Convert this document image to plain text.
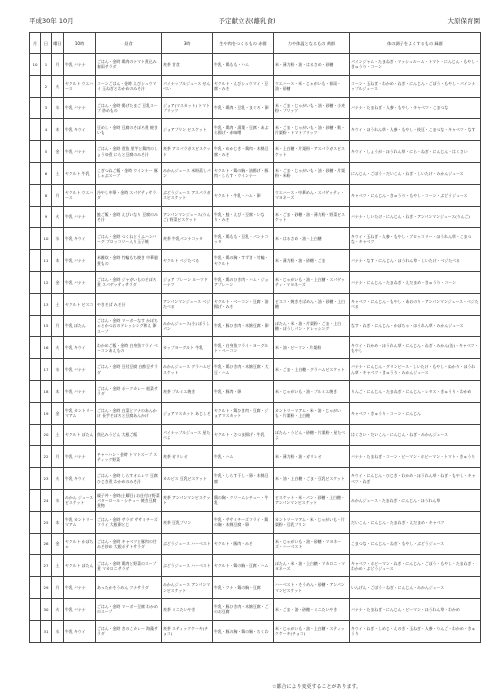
平成30年 10月	予定献立表(離乳食)	大原保育園
月	日	曜日	10時	昼食	3時	生や肉をつくるもの 赤群	力や体温となるもの 黄群	体の調子をよくするもの 緑群
10	1	月	牛乳 バナナ	ごはん・金時 鶏肉のトマト煮込み 春雨サラダ	麦茶 甘食	牛乳・鶏もも・ハム	米・薄力粉・油・はるさめ・砂糖	パインジャム・たまねぎ・マッシュルーム・トマト・にんじん・もやし・きゅうり・コーン
	2	火	ヤクルト ウエハース	コーンごはん・金時 えびシュウマイ 玉ねぎとわかめのみそ汁	パイナップルジュース せんべい	ヤクルト・えびシュウマイ・豆腐・みそ	ウエハース・米・じゃがいも・春雨・油・砂糖	コーン・玉ねぎ・わかめ・ねぎ・にんじん・ごぼう・もやし・パインナップルジュース
	3	水	牛乳 バナナ	ごはん・金時 揚げたまご 豆乳スープ 炒めもの	ジョア(マスカット) トマトプリッツ	牛乳・鶏肉・豆乳・まぐろ・卵	米・ごま・じゃがいも・油・砂糖・小麦粉・プリッツ	バナナ・たまねぎ・人参・もやし・キャベツ・こまつな
	4	木	牛乳 キウイ	豆めし・金時 豆腐のそぼろ煮 焼きいも	ジョアプリン ビスケット	牛乳・鶏肉・湯葉・豆腐・あぶら揚げ・赤味噌	米・ごま・じゃがいも・油・砂糖・麩・片栗粉・トマトプリッツ	キウイ・ほうれん草・人参・もやし・枝豆・こまつな・キャベツ・なす
	5	金	牛乳 バナナ	ごはん・金時 煮魚 里芋と鶏肉のしょうゆ煮 にらと豆腐のみそ汁	麦茶 アスパラガスビスケット	牛乳・めかじき・鶏肉・木綿豆腐・みそ	米・上白糖・片栗粉・アスパラガスビスケット	キウイ・しょうが・ほうれん草・にら・ねぎ・にんじん・はくさい
	6	土	ヤクルト 牛乳	こぎつねご飯・金時 ウインナー 豚しゃぶスープ	みかんジュース 米粉蒸しパン	ヤクルト・鶏の胸・油揚げ・豚肉・しらす・ウインナー	米・ごま・じゃがいも・油・砂糖・片栗粉・米粉	にんじん・ごぼう・だいこん・ねぎ・しいたけ・みかんジュース
	8	月	ヤクルト ウエハース	冷やし中華・金時 スパゲティサラダ	ぶどうジュース アスパラガスビスケット	ヤクルト・牛乳・ハム・卵	ウエハース・中華めん・スパゲッティ・マヨネーズ	キャベツ・にんじん・きゅうり・もやし・コーン・ぶどうジュース
	9	火	牛乳 バナナ	鮭ご飯・金時 えびいなり 豆腐のみそ汁	アンパンマンジュース(りんご) 野菜ビスケット	牛乳・鮭・えび・豆腐・いなり・みそ	米・ごま・砂糖・油・薄力粉・野菜ビスケット	バナナ・しいたけ・にんじん・ねぎ・アンパンマンジュース(りんご)
	10	水	牛乳 キウイ	ごはん・金時 つくねとうふハンバーグ ブロッコリー入り玉子焼	麦茶 牛乳パンナコッタ	牛乳・鶏もも・豆乳・パンナコッタ	米・はるさめ・油・上白糖	キウイ・玉ねぎ・人参・もやし・ブロッコリー・ほうれん草・こまつな・キャベツ
	11	木	牛乳 バナナ	米雑炊・金時 竹輪もち焼き 中華風煮もの	ヤクルト ベジたべる	牛乳・鶏の胸・すずき・竹輪・ヤクルト	米・薄力粉・油・砂糖・ごま	バナナ・なす・にんじん・ほうれん草・しいたけ・ベジたべる
	12	金	牛乳 バナナ	ごはん・金時 ジャガいものそぼろ煮 スパゲッティサラダ	ジョア プレーン ルーツドーナツ	牛乳・鶏のひき肉・ハム・ジョアプレーン	米・じゃがいも・油・上白糖・スパゲッティ・マヨネーズ	バナナ・にんじん・たまねぎ・えだまめ・きゅうり・コーン
	13	土	ヤクルト ビスコ	やきそば みそ汁	アンパンマンジュース ベジたべる	ヤクルト・ベーコン・豆腐・油揚げ・みそ	ビスコ・焼きそばめん・油・砂糖・上白糖	キャベツ・にんじん・もやし・あおのり・アンパンマンジュース・ベジたべる
	15	月	牛乳 ぽたん	ごはん・金時 マーボーなす かぼちゃとかつおのドレッシング和え 卵スープ	みかんジュース(小) ぼうしパン	牛乳・豚ひき肉・木綿豆腐・卵	ぽたん・米・油・片栗粉・ごま・上白糖・ぼうしパン・ドレッシング	なす・ねぎ・にんじん・かぼちゃ・ほうれん草・みかんジュース
	16	火	牛乳 キウイ	わかめご飯・金時 白身魚フライ ベーコンあえもの	カップヨーグルト 牛乳	牛乳・白身魚フライ・ヨーグルト・ベーコン	米・油・ビーフン・片栗粉	キウイ・わかめ・ほうれん草・にんじん・ねぎ・みかん(缶)・キャベツ・もやし
	17	水	牛乳 バナナ	ごはん・金時 豆付豆腐 白酢豆サラダ	みかんジュース グラハムビスケット	牛乳・鶏ひき肉・木綿豆腐・大豆・ハム	米・ごま・上白糖・グラハムビスケット	バナナ・にんじん・グリンピース・しいたけ・もやし・ぬかり・ほうれん草・キャベツ・きゅうり・みかんジュース
	18	木	牛乳 バナナ	ごはん・金時 ポークカレー 根菜サラダ	麦茶 プルミエ焼き	牛乳・豚肉・卵	米・じゃがいも・油・プルミエ焼き	りんご・にんじん・たまねぎ・にんじん・レタス・きゅうり・わかめ
	19	金	牛乳 カントリーマアム	ごはん・金時 白菜とツナのあんかけ 長芋そぼろと豆腐あんかけ	ジョアマスカット あじしそ	ヤクルト・鶏ひき肉・豆腐・ジョアマスカット	カントリーマアム・米・油・じゃがいも・片栗粉・上白糖	キャベツ・きゅうり・コーン・にんじん
	20	土	ヤクルト ぼたん	焦込みうどん 大根ご飯	パイナップルジュース 星たべよ	ヤクルト・さつま揚げ・牛乳	ぼたん・うどん・砂糖・片栗粉・星たべよ	はくさい・だいこん・にんじん・ねぎ・みかんジュース
	22	月	牛乳 バナナ	チャーハン・金時 トマトスープ スティック野菜	麦茶 ガリレオ	牛乳・ハム	米・薄力粉・油・ガリレオ	バナナ・たまねぎ・コーン・ピーマン・ホピーマン・トマト・きゅうり
	23	火	牛乳 キウイ	ごはん・金時 しらすオムレツ 豆腐ひじき煮 わかめのみそ汁	カルピス 豆乳ビスケット	牛乳・しらす干し・卵・木綿豆腐	米・油・上白糖・ごま・豆乳ビスケット	キウイ・にんじん・ひじき・わかめ・ほうれん草・ねぎ・もやし・キャベツ・ねぎ
	24	水	みかん ジュース ビスケット	親子丼・金時(土曜日) お仕付け野菜 パターロール・シチュー 焼き豆腐煮物	麦茶 アンパンマンビスケット	鶏の胸・クリームシチュー・牛乳	ビスケット・米・パン・砂糖・上白糖・アンパンマンビスケット	みかんジュース・たまねぎ・にんじん・ほうれん草
	25	木	牛乳 カントリーマアム	ごはん・金時 サラダ ササミチーズフライ 大根卵とじ	麦茶 豆乳プリン	牛乳・ササミチーズフライ・鶏の胸・木綿豆腐・卵	カントリーマアム・米・じゃがいも・片栗粉・豆乳プリン	だいこん・にんじん・たまねぎ・えだまめ・キャベツ
	26	金	ヤクルト かぼちゃ	ごはん・金時 キャベツと豚肉の甘みそ炒め 大根ポテトサラダ	ぶどうジュース ハーベスト	ヤクルト・豚肉・みそ	米・じゃがいも・油・砂糖・マヨネーズ・ハーベスト	こまつな・にんじん・ねぎ・もやし・ぶどうジュース
	27	土	ヤクルト ぼたん	ごはん・金時 鶏肉と野菜のスープ煮 マカロニサラダ	ぶどうジュース ハーベスト	ヤクルト・鶏の胸・豆腐・ハム	ぼたん・米・油・上白糖・マカロニ・マヨネーズ	キャベツ・ホピーマン・ねぎ・にんじん・ごぼう・もやし・たまねぎ・わかめ・ぶどうジュース
	29	月	牛乳 バナナ	あったかそうめん ツナサラダ	みかんジュース アンパンマンビスケット	牛乳・ツナ・鶏の胸・豆腐	ハーベスト・そうめん・砂糖・アンパンマンビスケット	いんげん・ごぼう・ねぎ・にんじん・みかんジュース
	30	火	牛乳 バナナ	ごはん・金時 マーボー豆腐 わかめのスープ	麦茶 ミニたいやき	牛乳・豚ひき肉・木綿豆腐・ごのお豆腐	米・ごま・油・砂糖・ミニたいやき	バナナ・たまねぎ・にんじん・ピーマン・ほうれん草・わかめ
	31	水	牛乳 キウイ	ごはん・金時 きのこカレー 海藻サラダ	麦茶 スティックケーキ(チョコ)	牛乳・豚の胸・鶏の胸・ちくわ	米・じゃがいも・油・上白糖・スティックケーキ(チョコ)	キウイ・ねぎ・しめじ・えのき・玉ねぎ・人参・りんご・わかめ・きゅうり
☆都合により変更することがあります。
